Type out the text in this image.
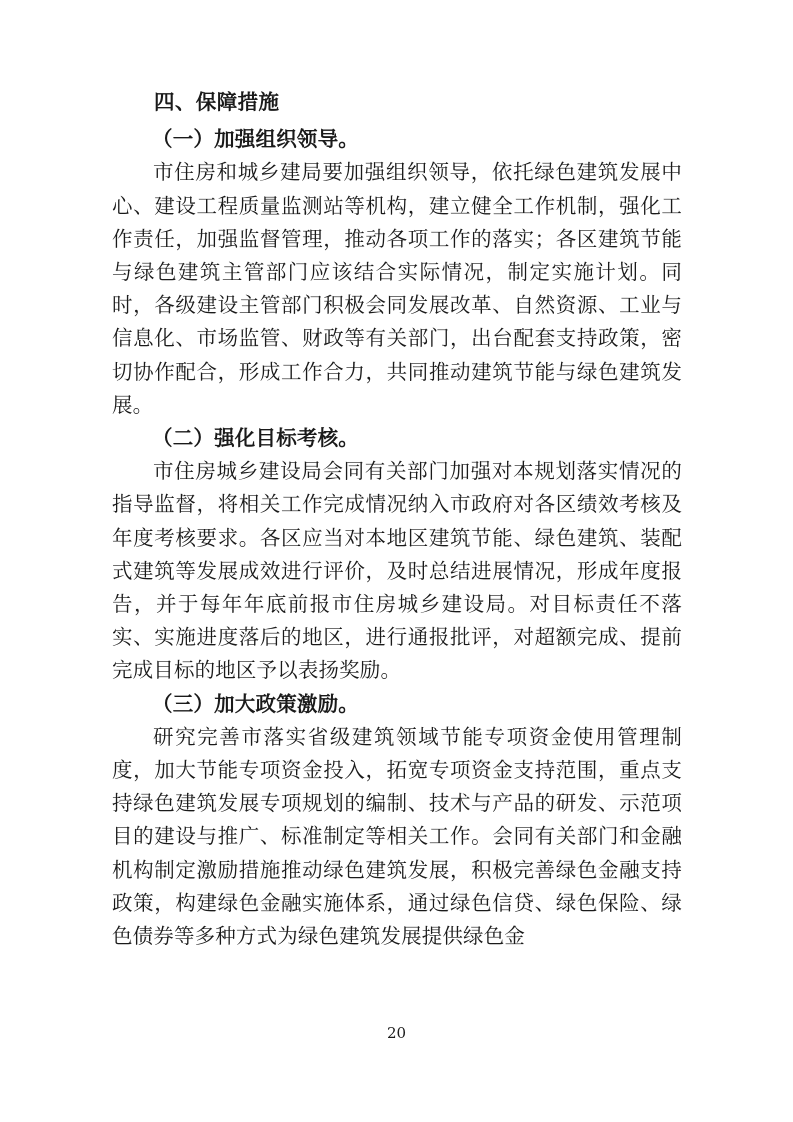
四、保障措施
（一）加强组织领导。

市住房和城乡建局要加强组织领导，依托绿色建筑发展中心、建设工程质量监测站等机构，建立健全工作机制，强化工作责任，加强监督管理，推动各项工作的落实；各区建筑节能与绿色建筑主管部门应该结合实际情况，制定实施计划。同时，各级建设主管部门积极会同发展改革、自然资源、工业与信息化、市场监管、财政等有关部门，出台配套支持政策，密切协作配合，形成工作合力，共同推动建筑节能与绿色建筑发展。

（二）强化目标考核。

市住房城乡建设局会同有关部门加强对本规划落实情况的指导监督，将相关工作完成情况纳入市政府对各区绩效考核及年度考核要求。各区应当对本地区建筑节能、绿色建筑、装配式建筑等发展成效进行评价，及时总结进展情况，形成年度报告，并于每年年底前报市住房城乡建设局。对目标责任不落实、实施进度落后的地区，进行通报批评，对超额完成、提前完成目标的地区予以表扬奖励。

（三）加大政策激励。

研究完善市落实省级建筑领域节能专项资金使用管理制度，加大节能专项资金投入，拓宽专项资金支持范围，重点支持绿色建筑发展专项规划的编制、技术与产品的研发、示范项目的建设与推广、标准制定等相关工作。会同有关部门和金融机构制定激励措施推动绿色建筑发展，积极完善绿色金融支持政策，构建绿色金融实施体系，通过绿色信贷、绿色保险、绿色债券等多种方式为绿色建筑发展提供绿色金

20
